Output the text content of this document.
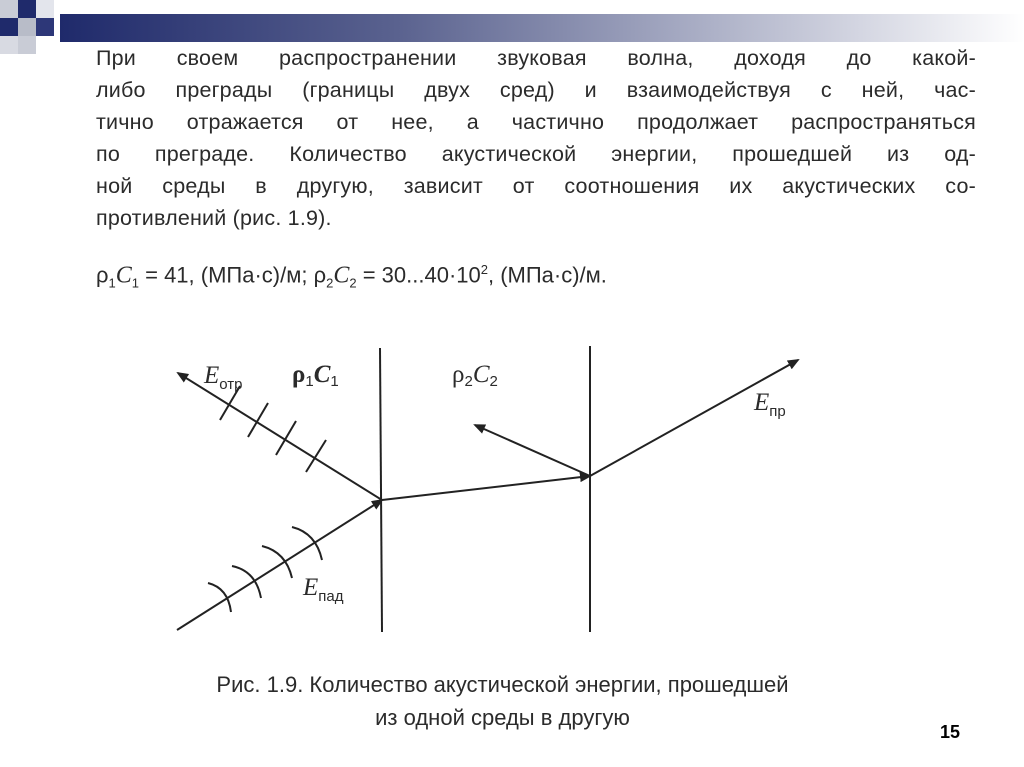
При своем распространении звуковая волна, доходя до какой-
либо преграды (границы двух сред) и взаимодействуя с ней, час-
тично отражается от нее, а частично продолжает распространяться
по преграде. Количество акустической энергии, прошедшей из од-
ной среды в другую, зависит от соотношения их акустических со-
противлений (рис. 1.9).
$\rho_1C_1 = 41$, (МПа·с)/м; $\rho_2C_2 = 30...40\cdot 10^2$, (МПа·с)/м.
ρ1C1	ρ2C2
$E_{отр}$
$E_{пад}$
$E_{пр}$
Рис. 1.9. Количество акустической энергии, прошедшей
из одной среды в другую
15
